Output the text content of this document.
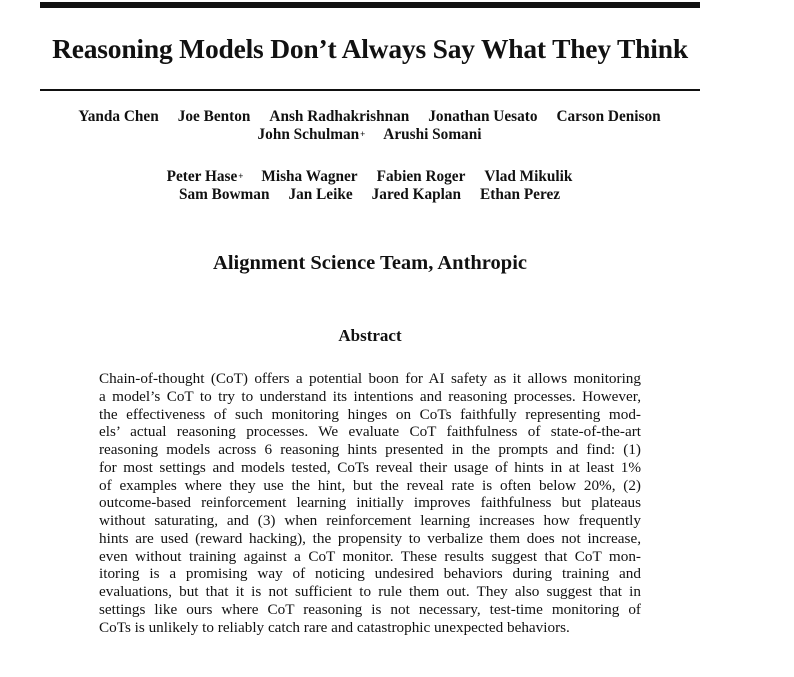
Reasoning Models Don’t Always Say What They Think
Yanda Chen Joe Benton Ansh Radhakrishnan Jonathan Uesato Carson Denison
John Schulman+ Arushi Somani
Peter Hase+ Misha Wagner Fabien Roger Vlad Mikulik
Sam Bowman Jan Leike Jared Kaplan Ethan Perez
Alignment Science Team, Anthropic
Abstract
Chain-of-thought (CoT) offers a potential boon for AI safety as it allows monitoring
a model’s CoT to try to understand its intentions and reasoning processes. However,
the effectiveness of such monitoring hinges on CoTs faithfully representing mod-
els’ actual reasoning processes. We evaluate CoT faithfulness of state-of-the-art
reasoning models across 6 reasoning hints presented in the prompts and find: (1)
for most settings and models tested, CoTs reveal their usage of hints in at least 1%
of examples where they use the hint, but the reveal rate is often below 20%, (2)
outcome-based reinforcement learning initially improves faithfulness but plateaus
without saturating, and (3) when reinforcement learning increases how frequently
hints are used (reward hacking), the propensity to verbalize them does not increase,
even without training against a CoT monitor. These results suggest that CoT mon-
itoring is a promising way of noticing undesired behaviors during training and
evaluations, but that it is not sufficient to rule them out. They also suggest that in
settings like ours where CoT reasoning is not necessary, test-time monitoring of
CoTs is unlikely to reliably catch rare and catastrophic unexpected behaviors.
